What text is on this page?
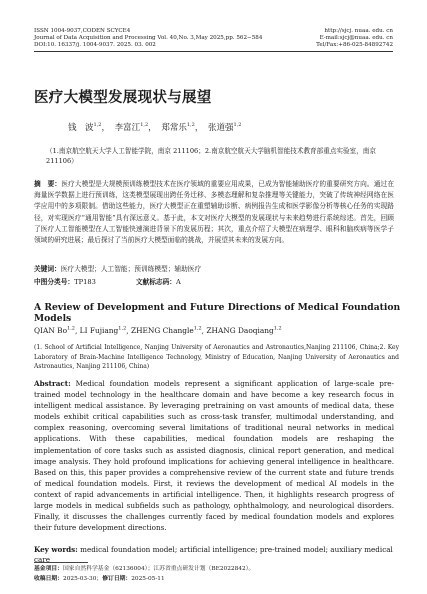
ISSN 1004-9037,CODEN SCYCE4
Journal of Data Acquisition and Processing Vol. 40,No. 3,May 2025,pp. 562−584
DOI:10. 16337/j. 1004‑9037. 2025. 03. 002
http://sjcj. nuaa. edu. cn
E‑mail:sjcj@nuaa. edu. cn
Tel/Fax:+86‑025‑84892742
医疗大模型发展现状与展望
钱　波$^{1,2}$， 李富江$^{1,2}$， 郑常乐$^{1,2}$， 张道强$^{1,2}$
（1.南京航空航天大学人工智能学院，南京 211106；2.南京航空航天大学脑机智能技术教育部重点实验室，南京 211106）
摘　要：医疗大模型是大规模预训练模型技术在医疗领域的重要应用成果，已成为智能辅助医疗的重要研究方向。通过在海量医学数据上进行预训练，这类模型展现出跨任务迁移、多模态理解和复杂推理等关键能力，突破了传统神经网络在医学应用中的多项限制。借助这些能力，医疗大模型正在重塑辅助诊断、病例报告生成和医学影像分析等核心任务的实现路径，对实现医疗“通用智能”具有深远意义。基于此，本文对医疗大模型的发展现状与未来趋势进行系统综述。首先，回顾了医疗人工智能模型在人工智能快速演进背景下的发展历程；其次，重点介绍了大模型在病理学、眼科和脑疾病等医学子领域的研究进展；最后探讨了当前医疗大模型面临的挑战，并展望其未来的发展方向。
关键词：医疗大模型；人工智能；预训练模型；辅助医疗
中图分类号：TP183	文献标志码：A
A Review of Development and Future Directions of Medical Foundation Models
QIAN Bo$^{1,2}$, LI Fujiang$^{1,2}$, ZHENG Changle$^{1,2}$, ZHANG Daoqiang$^{1,2}$
(1. School of Artificial Intelligence, Nanjing University of Aeronautics and Astronautics,Nanjing 211106, China;2. Key Laboratory of Brain-Machine Intelligence Technology, Ministry of Education, Nanjing University of Aeronautics and Astronautics, Nanjing 211106, China)
Abstract: Medical foundation models represent a significant application of large-scale pre-trained model technology in the healthcare domain and have become a key research focus in intelligent medical assistance. By leveraging pretraining on vast amounts of medical data, these models exhibit critical capabilities such as cross-task transfer, multimodal understanding, and complex reasoning, overcoming several limitations of traditional neural networks in medical applications. With these capabilities, medical foundation models are reshaping the implementation of core tasks such as assisted diagnosis, clinical report generation, and medical image analysis. They hold profound implications for achieving general intelligence in healthcare. Based on this, this paper provides a comprehensive review of the current state and future trends of medical foundation models. First, it reviews the development of medical AI models in the context of rapid advancements in artificial intelligence. Then, it highlights research progress of large models in medical subfields such as pathology, ophthalmology, and neurological disorders. Finally, it discusses the challenges currently faced by medical foundation models and explores their future development directions.
Key words: medical foundation model; artificial intelligence; pre-trained model; auxiliary medical care
基金项目：国家自然科学基金（62136004）；江苏省重点研发计划（BE2022842）。
收稿日期：2025‑03‑30；修订日期：2025‑05‑11
